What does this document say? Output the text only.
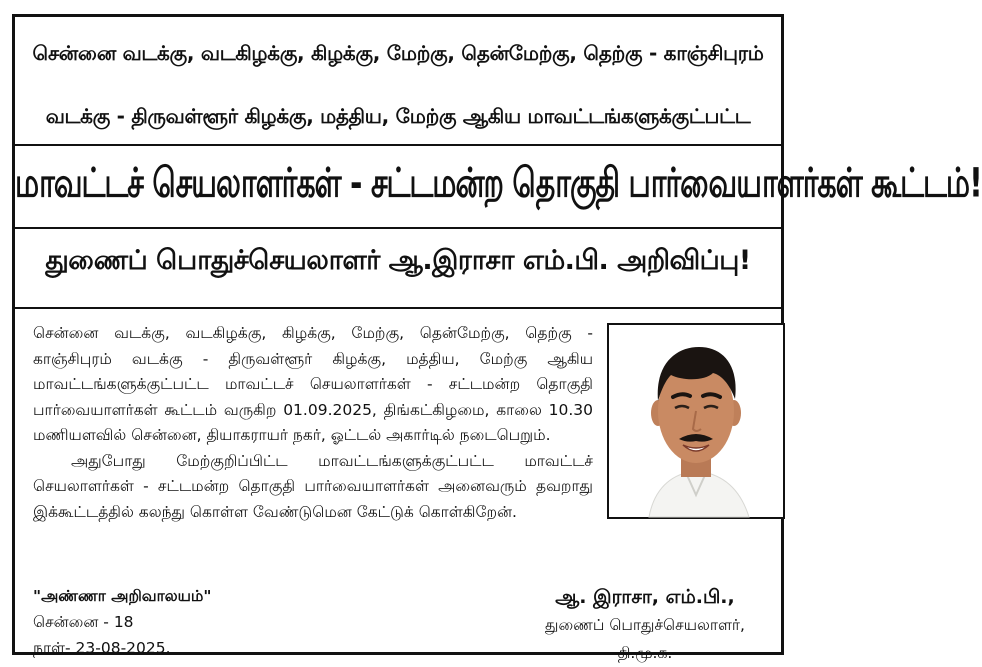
சென்னை வடக்கு, வடகிழக்கு, கிழக்கு, மேற்கு, தென்மேற்கு, தெற்கு - காஞ்சிபுரம்
வடக்கு - திருவள்ளூர் கிழக்கு, மத்திய, மேற்கு ஆகிய மாவட்டங்களுக்குட்பட்ட
மாவட்டச் செயலாளர்கள் - சட்டமன்ற தொகுதி பார்வையாளர்கள் கூட்டம்!
துணைப் பொதுச்செயலாளர் ஆ.இராசா எம்.பி. அறிவிப்பு!

சென்னை வடக்கு, வடகிழக்கு, கிழக்கு, மேற்கு, தென்மேற்கு, தெற்கு - காஞ்சிபுரம் வடக்கு - திருவள்ளூர் கிழக்கு, மத்திய, மேற்கு ஆகிய மாவட்டங்களுக்குட்பட்ட மாவட்டச் செயலாளர்கள் - சட்டமன்ற தொகுதி பார்வையாளர்கள் கூட்டம் வருகிற 01.09.2025, திங்கட்கிழமை, காலை 10.30 மணியளவில் சென்னை, தியாகராயர் நகர், ஓட்டல் அகார்டில் நடைபெறும்.

அதுபோது மேற்குறிப்பிட்ட மாவட்டங்களுக்குட்பட்ட மாவட்டச் செயலாளர்கள் - சட்டமன்ற தொகுதி பார்வையாளர்கள் அனைவரும் தவறாது இக்கூட்டத்தில் கலந்து கொள்ள வேண்டுமென கேட்டுக் கொள்கிறேன்.

"அண்ணா அறிவாலயம்"
சென்னை - 18
நாள்- 23-08-2025.
ஆ. இராசா, எம்.பி.,
துணைப் பொதுச்செயலாளர்,
தி.மு.க.
